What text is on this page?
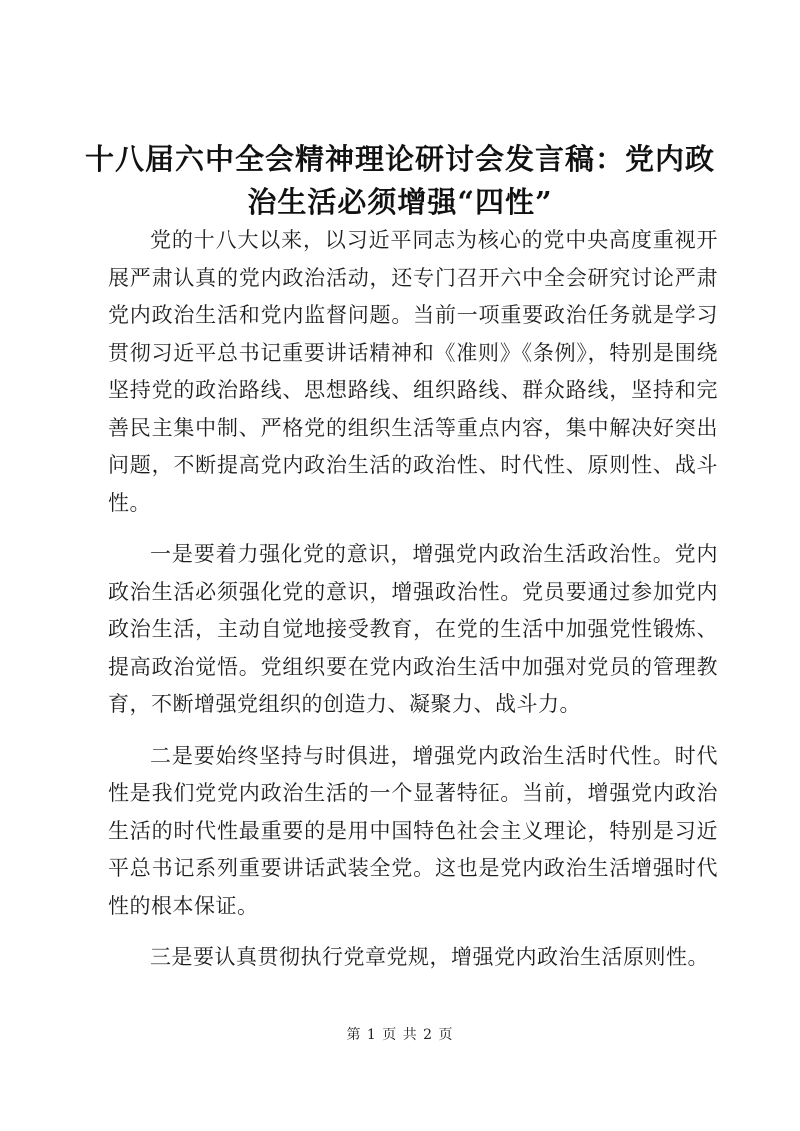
十八届六中全会精神理论研讨会发言稿：党内政治生活必须增强“四性”

党的十八大以来，以习近平同志为核心的党中央高度重视开展严肃认真的党内政治活动，还专门召开六中全会研究讨论严肃党内政治生活和党内监督问题。当前一项重要政治任务就是学习贯彻习近平总书记重要讲话精神和《准则》《条例》，特别是围绕坚持党的政治路线、思想路线、组织路线、群众路线，坚持和完善民主集中制、严格党的组织生活等重点内容，集中解决好突出问题，不断提高党内政治生活的政治性、时代性、原则性、战斗性。

一是要着力强化党的意识，增强党内政治生活政治性。党内政治生活必须强化党的意识，增强政治性。党员要通过参加党内政治生活，主动自觉地接受教育，在党的生活中加强党性锻炼、提高政治觉悟。党组织要在党内政治生活中加强对党员的管理教育，不断增强党组织的创造力、凝聚力、战斗力。

二是要始终坚持与时俱进，增强党内政治生活时代性。时代性是我们党党内政治生活的一个显著特征。当前，增强党内政治生活的时代性最重要的是用中国特色社会主义理论，特别是习近平总书记系列重要讲话武装全党。这也是党内政治生活增强时代性的根本保证。

三是要认真贯彻执行党章党规，增强党内政治生活原则性。

第 1 页 共 2 页
